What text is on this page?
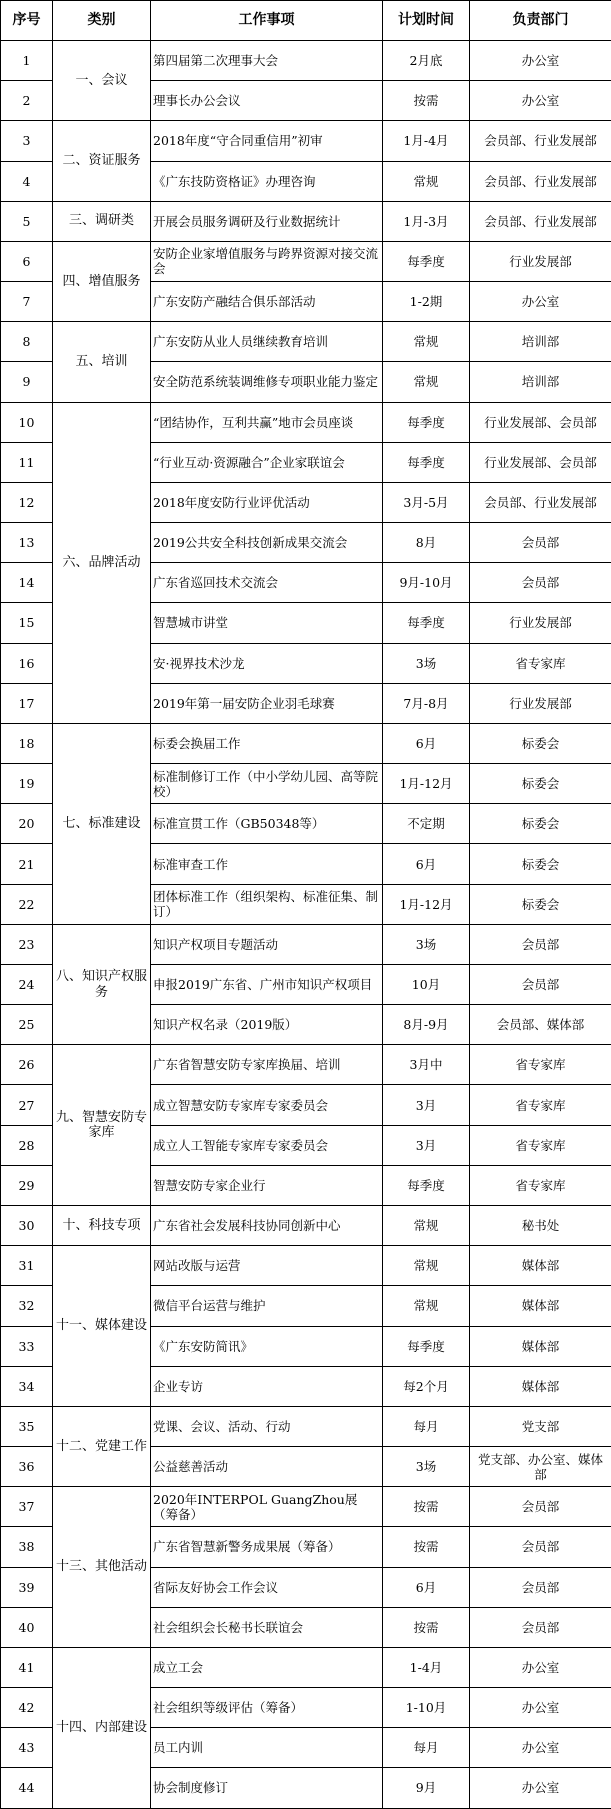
序号	类别	工作事项	计划时间	负责部门
1	一、会议	第四届第二次理事大会	2月底	办公室
2		理事长办公会议	按需	办公室
3	二、资证服务	2018年度“守合同重信用”初审	1月-4月	会员部、行业发展部
4		《广东技防资格证》办理咨询	常规	会员部、行业发展部
5	三、调研类	开展会员服务调研及行业数据统计	1月-3月	会员部、行业发展部
6	四、增值服务	安防企业家增值服务与跨界资源对接交流会	每季度	行业发展部
7		广东安防产融结合俱乐部活动	1-2期	办公室
8	五、培训	广东安防从业人员继续教育培训	常规	培训部
9		安全防范系统装调维修专项职业能力鉴定	常规	培训部
10	六、品牌活动	“团结协作，互利共赢”地市会员座谈	每季度	行业发展部、会员部
11		“行业互动·资源融合”企业家联谊会	每季度	行业发展部、会员部
12		2018年度安防行业评优活动	3月-5月	会员部、行业发展部
13		2019公共安全科技创新成果交流会	8月	会员部
14		广东省巡回技术交流会	9月-10月	会员部
15		智慧城市讲堂	每季度	行业发展部
16		安·视界技术沙龙	3场	省专家库
17		2019年第一届安防企业羽毛球赛	7月-8月	行业发展部
18	七、标准建设	标委会换届工作	6月	标委会
19		标准制修订工作（中小学幼儿园、高等院校）	1月-12月	标委会
20		标准宣贯工作（GB50348等）	不定期	标委会
21		标准审查工作	6月	标委会
22		团体标准工作（组织架构、标准征集、制订）	1月-12月	标委会
23	八、知识产权服务	知识产权项目专题活动	3场	会员部
24		申报2019广东省、广州市知识产权项目	10月	会员部
25		知识产权名录（2019版）	8月-9月	会员部、媒体部
26	九、智慧安防专家库	广东省智慧安防专家库换届、培训	3月中	省专家库
27		成立智慧安防专家库专家委员会	3月	省专家库
28		成立人工智能专家库专家委员会	3月	省专家库
29		智慧安防专家企业行	每季度	省专家库
30	十、科技专项	广东省社会发展科技协同创新中心	常规	秘书处
31	十一、媒体建设	网站改版与运营	常规	媒体部
32		微信平台运营与维护	常规	媒体部
33		《广东安防简讯》	每季度	媒体部
34		企业专访	每2个月	媒体部
35	十二、党建工作	党课、会议、活动、行动	每月	党支部
36		公益慈善活动	3场	党支部、办公室、媒体部
37	十三、其他活动	2020年INTERPOL GuangZhou展（筹备）	按需	会员部
38		广东省智慧新警务成果展（筹备）	按需	会员部
39		省际友好协会工作会议	6月	会员部
40		社会组织会长秘书长联谊会	按需	会员部
41	十四、内部建设	成立工会	1-4月	办公室
42		社会组织等级评估（筹备）	1-10月	办公室
43		员工内训	每月	办公室
44		协会制度修订	9月	办公室
